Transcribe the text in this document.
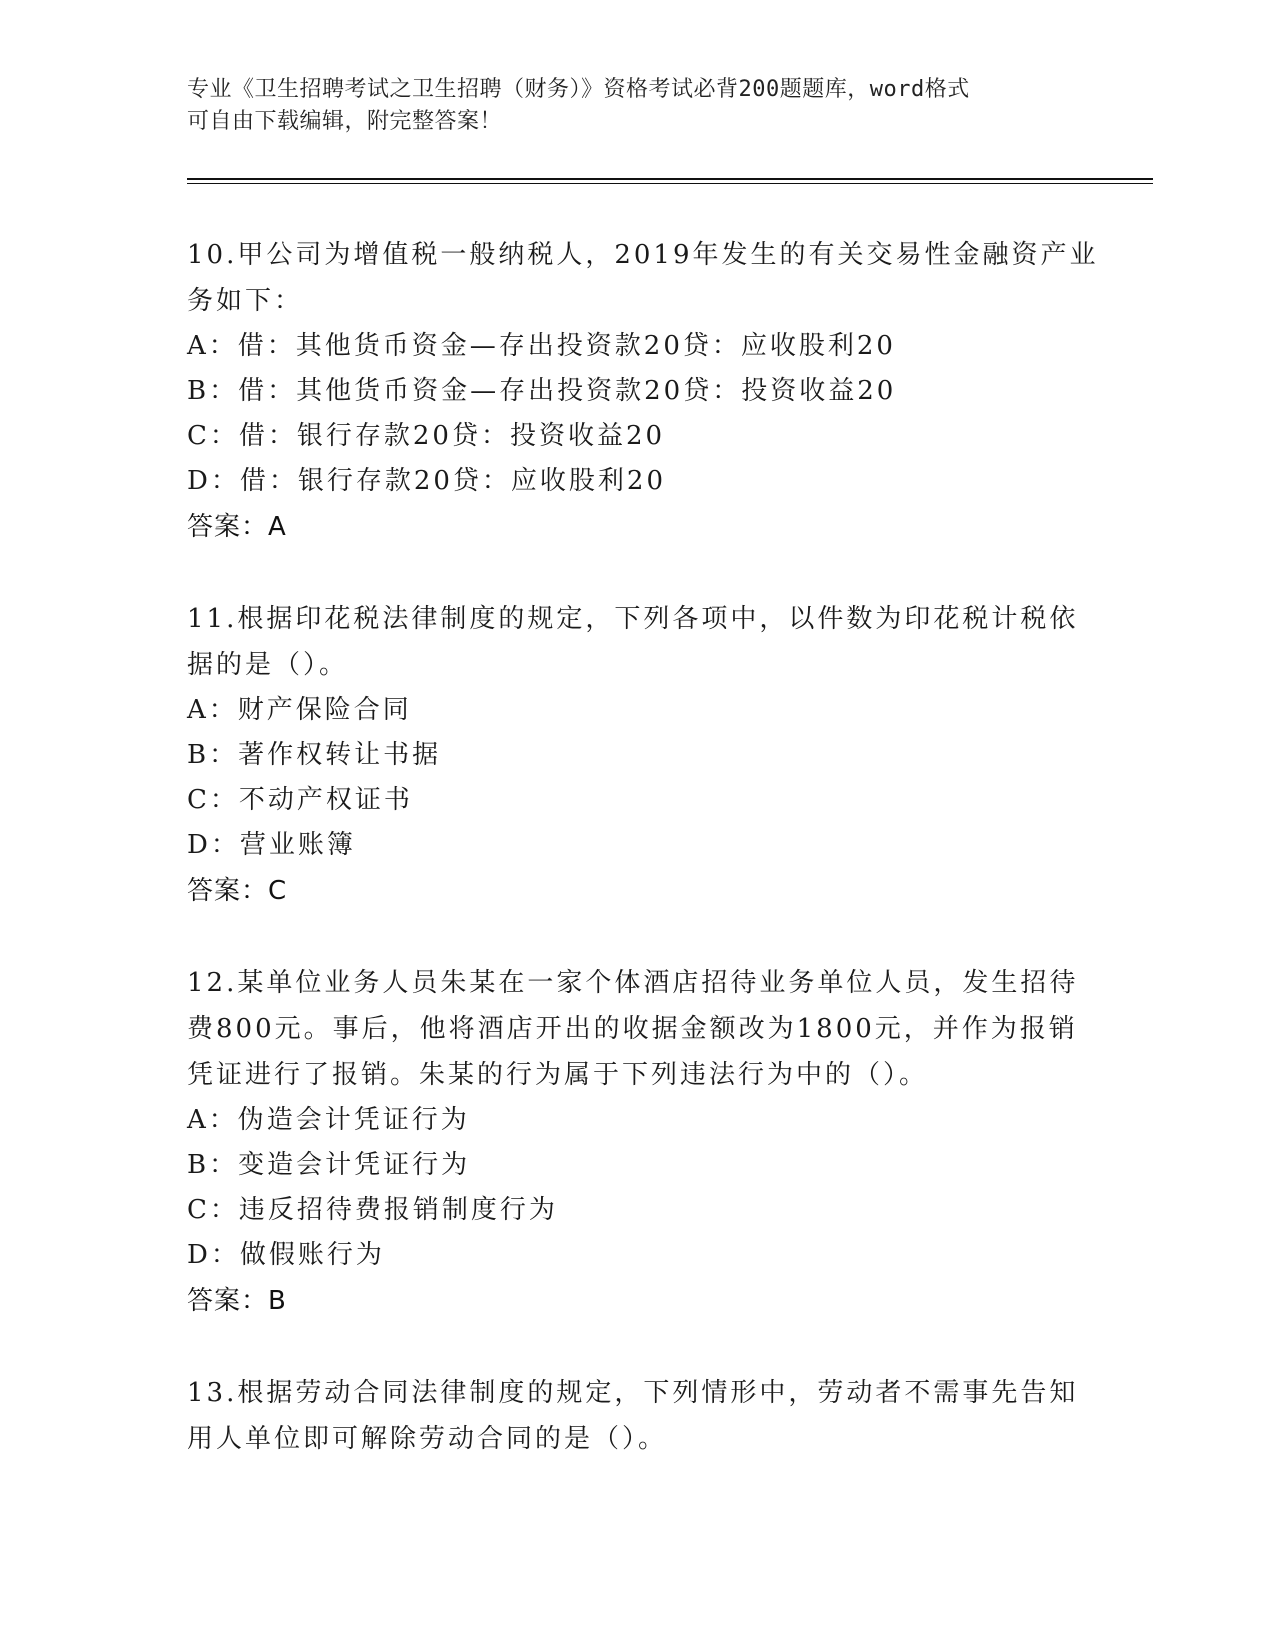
专业《卫生招聘考试之卫生招聘（财务）》资格考试必背200题题库，word格式
可自由下载编辑，附完整答案！
10.甲公司为增值税一般纳税人，2019年发生的有关交易性金融资产业
务如下：
A：借：其他货币资金—存出投资款20贷：应收股利20
B：借：其他货币资金—存出投资款20贷：投资收益20
C：借：银行存款20贷：投资收益20
D：借：银行存款20贷：应收股利20
答案：A
11.根据印花税法律制度的规定，下列各项中，以件数为印花税计税依
据的是（）。
A：财产保险合同
B：著作权转让书据
C：不动产权证书
D：营业账簿
答案：C
12.某单位业务人员朱某在一家个体酒店招待业务单位人员，发生招待
费800元。事后，他将酒店开出的收据金额改为1800元，并作为报销
凭证进行了报销。朱某的行为属于下列违法行为中的（）。
A：伪造会计凭证行为
B：变造会计凭证行为
C：违反招待费报销制度行为
D：做假账行为
答案：B
13.根据劳动合同法律制度的规定，下列情形中，劳动者不需事先告知
用人单位即可解除劳动合同的是（）。
